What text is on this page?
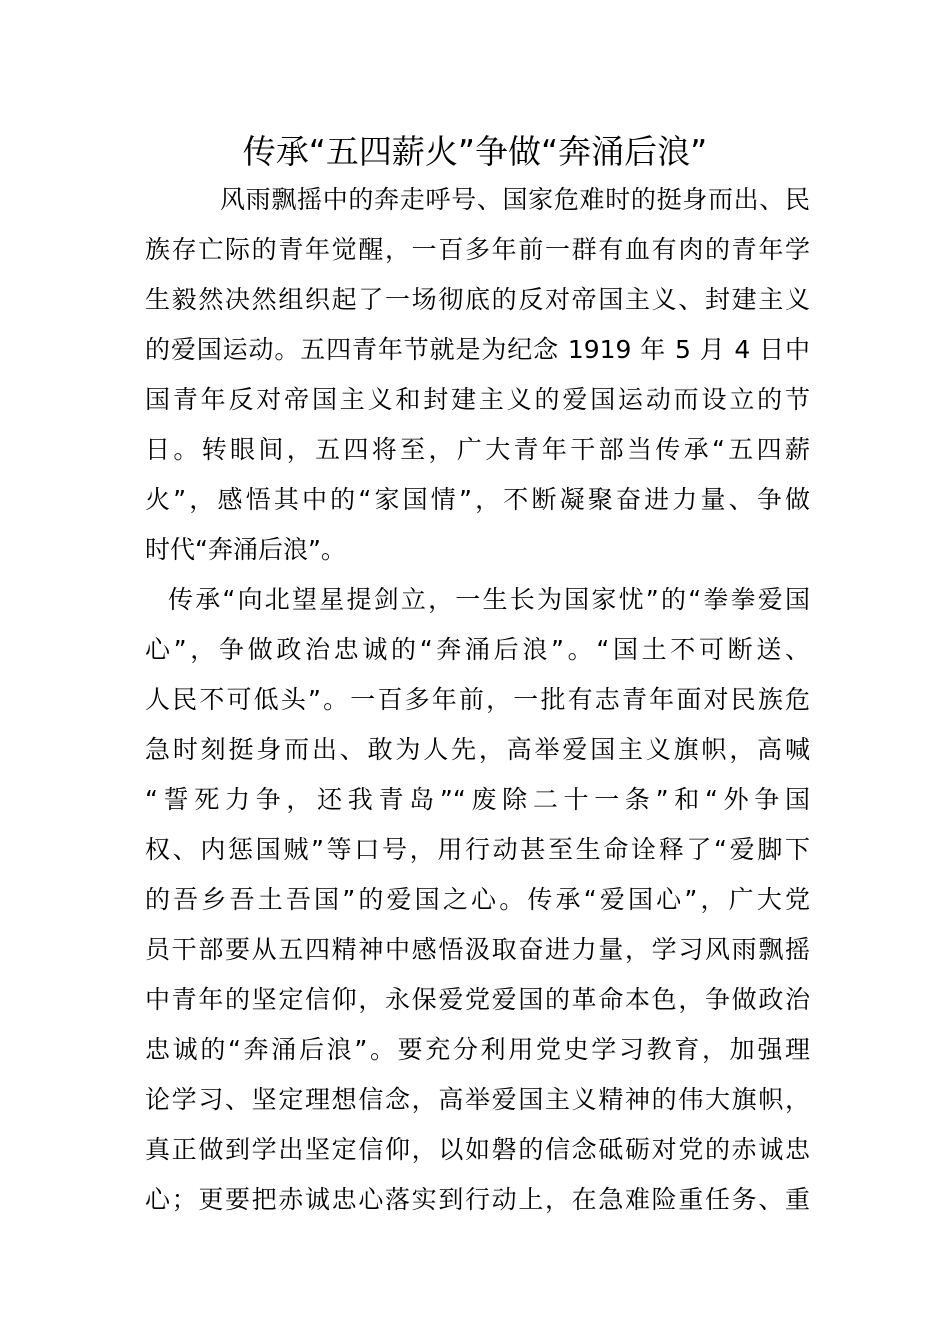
传承“五四薪火”争做“奔涌后浪”
风雨飘摇中的奔走呼号、国家危难时的挺身而出、民
族存亡际的青年觉醒，一百多年前一群有血有肉的青年学
生毅然决然组织起了一场彻底的反对帝国主义、封建主义
的爱国运动。五四青年节就是为纪念 1919 年 5 月 4 日中
国青年反对帝国主义和封建主义的爱国运动而设立的节
日。转眼间，五四将至，广大青年干部当传承“五四薪
火”，感悟其中的“家国情”，不断凝聚奋进力量、争做
时代“奔涌后浪”。
传承“向北望星提剑立，一生长为国家忧”的“拳拳爱国
心”，争做政治忠诚的“奔涌后浪”。“国土不可断送、
人民不可低头”。一百多年前，一批有志青年面对民族危
急时刻挺身而出、敢为人先，高举爱国主义旗帜，高喊
“誓死力争，还我青岛”“废除二十一条”和“外争国
权、内惩国贼”等口号，用行动甚至生命诠释了“爱脚下
的吾乡吾土吾国”的爱国之心。传承“爱国心”，广大党
员干部要从五四精神中感悟汲取奋进力量，学习风雨飘摇
中青年的坚定信仰，永保爱党爱国的革命本色，争做政治
忠诚的“奔涌后浪”。要充分利用党史学习教育，加强理
论学习、坚定理想信念，高举爱国主义精神的伟大旗帜，
真正做到学出坚定信仰，以如磐的信念砥砺对党的赤诚忠
心；更要把赤诚忠心落实到行动上，在急难险重任务、重
